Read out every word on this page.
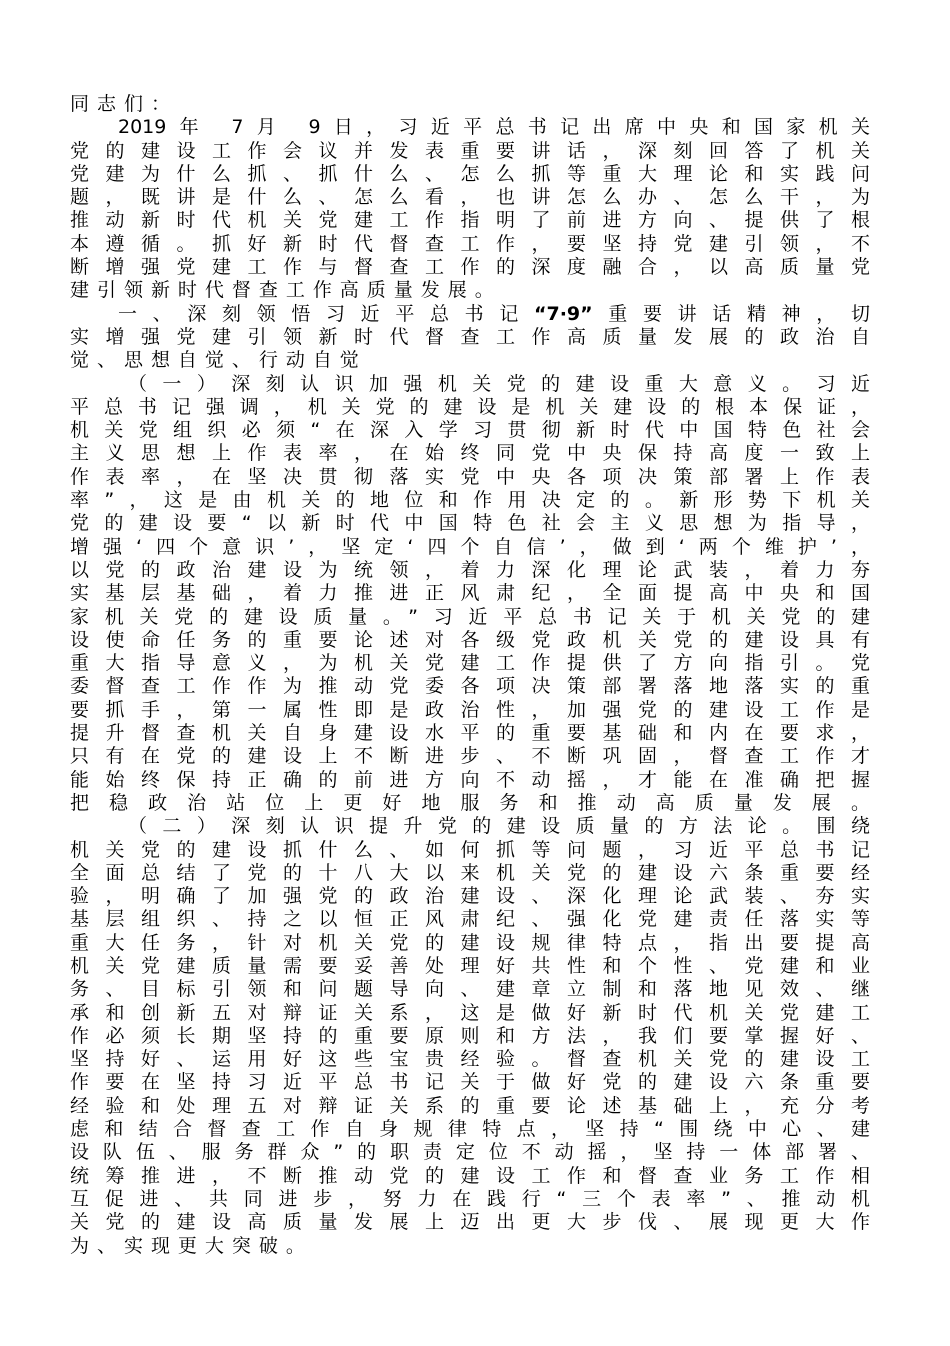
同志们：
2019年 7月 9日，习近平总书记出席中央和国家机关
党的建设工作会议并发表重要讲话，深刻回答了机关
党建为什么抓、抓什么、怎么抓等重大理论和实践问
题，既讲是什么、怎么看，也讲怎么办、怎么干，为
推动新时代机关党建工作指明了前进方向、提供了根
本遵循。抓好新时代督查工作，要坚持党建引领，不
断增强党建工作与督查工作的深度融合，以高质量党
建引领新时代督查工作高质量发展。
一、深刻领悟习近平总书记“7·9”重要讲话精神，切
实增强党建引领新时代督查工作高质量发展的政治自
觉、思想自觉、行动自觉
（一）深刻认识加强机关党的建设重大意义。习近
平总书记强调，机关党的建设是机关建设的根本保证，
机关党组织必须“在深入学习贯彻新时代中国特色社会
主义思想上作表率，在始终同党中央保持高度一致上
作表率，在坚决贯彻落实党中央各项决策部署上作表
率”，这是由机关的地位和作用决定的。新形势下机关
党的建设要“以新时代中国特色社会主义思想为指导，
增强‘四个意识’，坚定‘四个自信’，做到‘两个维护’，
以党的政治建设为统领，着力深化理论武装，着力夯
实基层基础，着力推进正风肃纪，全面提高中央和国
家机关党的建设质量。”习近平总书记关于机关党的建
设使命任务的重要论述对各级党政机关党的建设具有
重大指导意义，为机关党建工作提供了方向指引。党
委督查工作作为推动党委各项决策部署落地落实的重
要抓手，第一属性即是政治性，加强党的建设工作是
提升督查机关自身建设水平的重要基础和内在要求，
只有在党的建设上不断进步、不断巩固，督查工作才
能始终保持正确的前进方向不动摇，才能在准确把握
把稳政治站位上更好地服务和推动高质量发展。
（二）深刻认识提升党的建设质量的方法论。围绕
机关党的建设抓什么、如何抓等问题，习近平总书记
全面总结了党的十八大以来机关党的建设六条重要经
验，明确了加强党的政治建设、深化理论武装、夯实
基层组织、持之以恒正风肃纪、强化党建责任落实等
重大任务，针对机关党的建设规律特点，指出要提高
机关党建质量需要妥善处理好共性和个性、党建和业
务、目标引领和问题导向、建章立制和落地见效、继
承和创新五对辩证关系，这是做好新时代机关党建工
作必须长期坚持的重要原则和方法，我们要掌握好、
坚持好、运用好这些宝贵经验。督查机关党的建设工
作要在坚持习近平总书记关于做好党的建设六条重要
经验和处理五对辩证关系的重要论述基础上，充分考
虑和结合督查工作自身规律特点，坚持“围绕中心、建
设队伍、服务群众”的职责定位不动摇，坚持一体部署、
统筹推进，不断推动党的建设工作和督查业务工作相
互促进、共同进步，努力在践行“三个表率”、推动机
关党的建设高质量发展上迈出更大步伐、展现更大作
为、实现更大突破。
